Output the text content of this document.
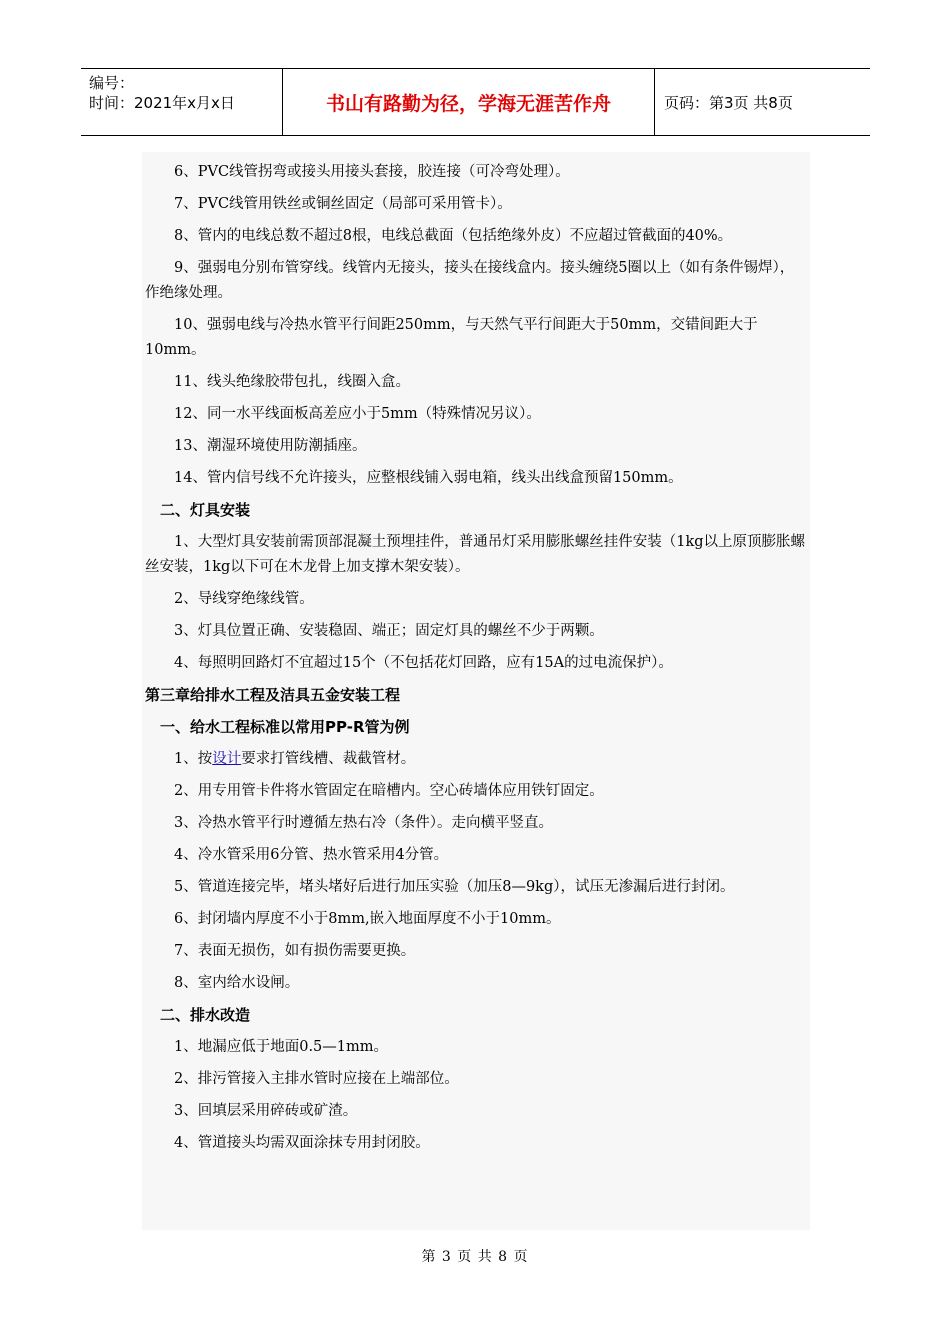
编号：
时间：2021年x月x日	书山有路勤为径，学海无涯苦作舟	页码：第3页 共8页

6、PVC线管拐弯或接头用接头套接，胶连接（可冷弯处理）。

7、PVC线管用铁丝或铜丝固定（局部可采用管卡）。

8、管内的电线总数不超过8根，电线总截面（包括绝缘外皮）不应超过管截面的40%。

9、强弱电分别布管穿线。线管内无接头，接头在接线盒内。接头缠绕5圈以上（如有条件锡焊），作绝缘处理。

10、强弱电线与冷热水管平行间距250mm，与天然气平行间距大于50mm，交错间距大于10mm。

11、线头绝缘胶带包扎，线圈入盒。

12、同一水平线面板高差应小于5mm（特殊情况另议）。

13、潮湿环境使用防潮插座。

14、管内信号线不允许接头，应整根线铺入弱电箱，线头出线盒预留150mm。

二、灯具安装

1、大型灯具安装前需顶部混凝土预埋挂件，普通吊灯采用膨胀螺丝挂件安装（1kg以上原顶膨胀螺丝安装，1kg以下可在木龙骨上加支撑木架安装）。

2、导线穿绝缘线管。

3、灯具位置正确、安装稳固、端正；固定灯具的螺丝不少于两颗。

4、每照明回路灯不宜超过15个（不包括花灯回路，应有15A的过电流保护）。

第三章给排水工程及洁具五金安装工程
一、给水工程标准以常用PP-R管为例

1、按设计要求打管线槽、裁截管材。

2、用专用管卡件将水管固定在暗槽内。空心砖墙体应用铁钉固定。

3、冷热水管平行时遵循左热右冷（条件）。走向横平竖直。

4、冷水管采用6分管、热水管采用4分管。

5、管道连接完毕，堵头堵好后进行加压实验（加压8—9kg），试压无渗漏后进行封闭。

6、封闭墙内厚度不小于8mm,嵌入地面厚度不小于10mm。

7、表面无损伤，如有损伤需要更换。

8、室内给水设闸。

二、排水改造

1、地漏应低于地面0.5—1mm。

2、排污管接入主排水管时应接在上端部位。

3、回填层采用碎砖或矿渣。

4、管道接头均需双面涂抹专用封闭胶。

第 3 页 共 8 页
